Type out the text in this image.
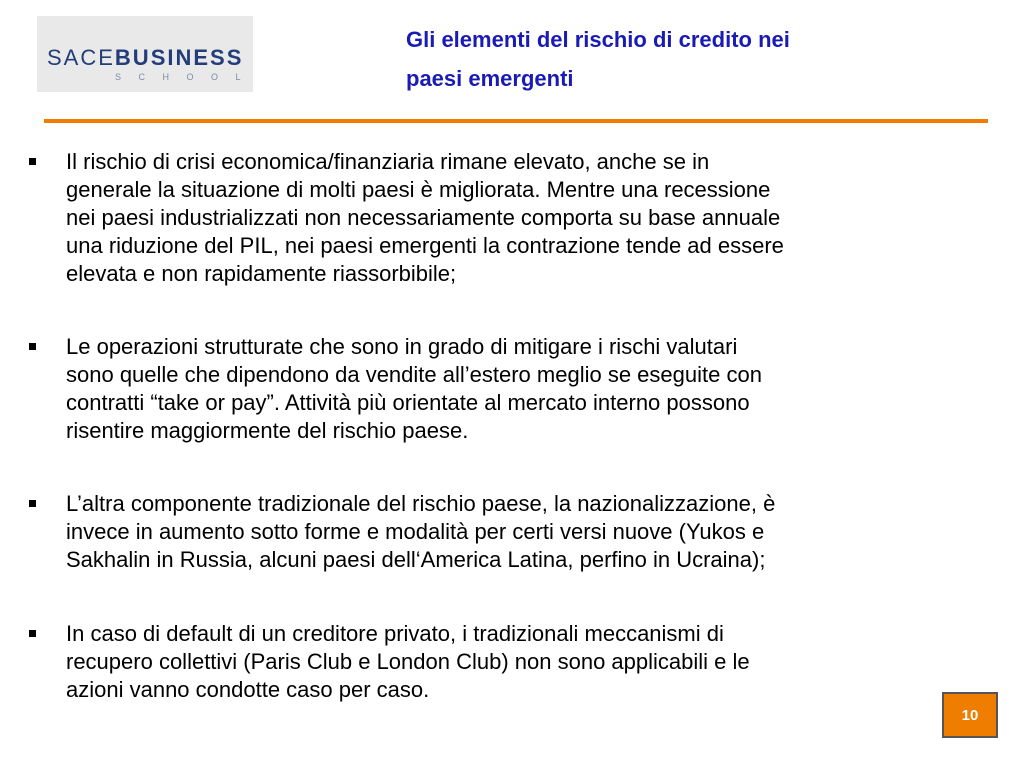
SACEBUSINESS
SCHOOL
Gli elementi del rischio di credito nei
paesi emergenti
Il rischio di crisi economica/finanziaria rimane elevato, anche se in
generale la situazione di molti paesi è migliorata. Mentre una recessione
nei paesi industrializzati non necessariamente comporta su base annuale
una riduzione del PIL, nei paesi emergenti la contrazione tende ad essere
elevata e non rapidamente riassorbibile;
Le operazioni strutturate che sono in grado di mitigare i rischi valutari
sono quelle che dipendono da vendite all’estero meglio se eseguite con
contratti “take or pay”. Attività più orientate al mercato interno possono
risentire maggiormente del rischio paese.
L’altra componente tradizionale del rischio paese, la nazionalizzazione, è
invece in aumento sotto forme e modalità per certi versi nuove (Yukos e
Sakhalin in Russia, alcuni paesi dell‘America Latina, perfino in Ucraina);
In caso di default di un creditore privato, i tradizionali meccanismi di
recupero collettivi (Paris Club e London Club) non sono applicabili e le
azioni vanno condotte caso per caso.
10
